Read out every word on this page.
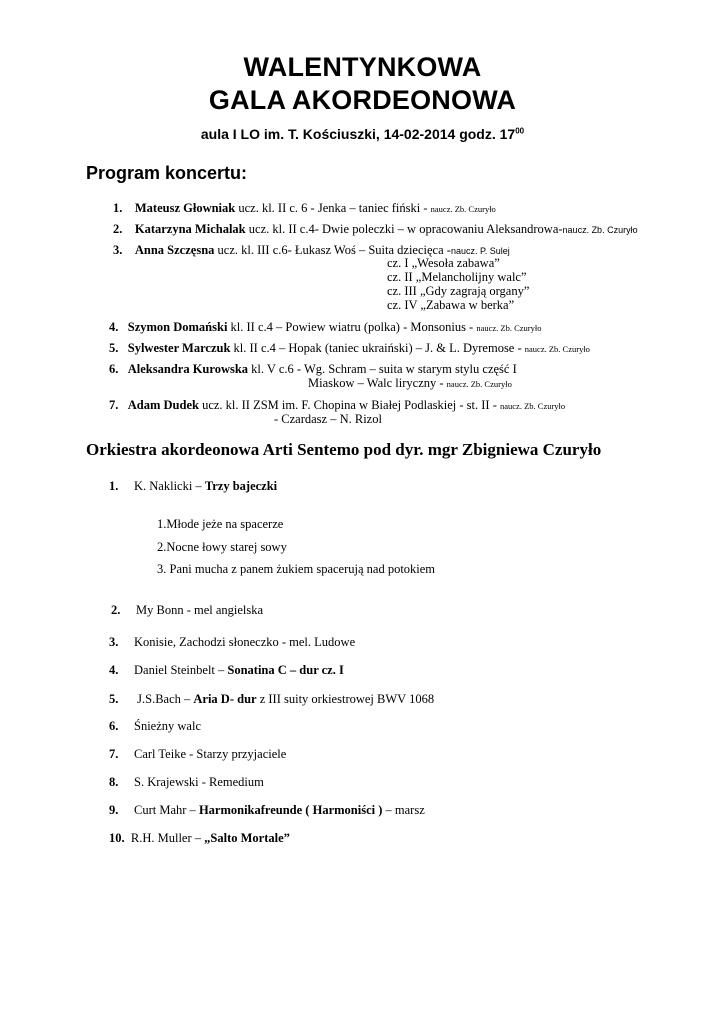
WALENTYNKOWA
GALA AKORDEONOWA
aula I LO im. T. Kościuszki, 14-02-2014 godz. $17^{00}$
Program koncertu:
1. Mateusz Głowniak ucz. kl. II c. 6 - Jenka – taniec fiński - naucz. Zb. Czuryło
2. Katarzyna Michalak ucz. kl. II c.4- Dwie poleczki – w opracowaniu Aleksandrowa-naucz. Zb. Czuryło
3. Anna Szczęsna ucz. kl. III c.6- Łukasz Woś – Suita dziecięca -naucz. P. Sulej
cz. I „Wesoła zabawa”
cz. II „Melancholijny walc”
cz. III „Gdy zagrają organy”
cz. IV „Zabawa w berka”
4. Szymon Domański kl. II c.4 – Powiew wiatru (polka) - Monsonius - naucz. Zb. Czuryło
5. Sylwester Marczuk kl. II c.4 – Hopak (taniec ukraiński) – J. & L. Dyremose - naucz. Zb. Czuryło
6. Aleksandra Kurowska kl. V c.6 - Wg. Schram – suita w starym stylu część I
Miaskow – Walc liryczny - naucz. Zb. Czuryło
7. Adam Dudek ucz. kl. II ZSM im. F. Chopina w Białej Podlaskiej - st. II - naucz. Zb. Czuryło
- Czardasz – N. Rizol
Orkiestra akordeonowa Arti Sentemo pod dyr. mgr Zbigniewa Czuryło
1. K. Naklicki – Trzy bajeczki
1.Młode jeże na spacerze
2.Nocne łowy starej sowy
3. Pani mucha z panem żukiem spacerują nad potokiem
2. My Bonn - mel angielska
3. Konisie, Zachodzi słoneczko - mel. Ludowe
4. Daniel Steinbelt – Sonatina C – dur cz. I
5.      J.S.Bach – Aria D- dur z III suity orkiestrowej BWV 1068
6. Śnieżny walc
7. Carl Teike - Starzy przyjaciele
8. S. Krajewski - Remedium
9. Curt Mahr – Harmonikafreunde ( Harmoniści ) – marsz
10. R.H. Muller – „Salto Mortale”
